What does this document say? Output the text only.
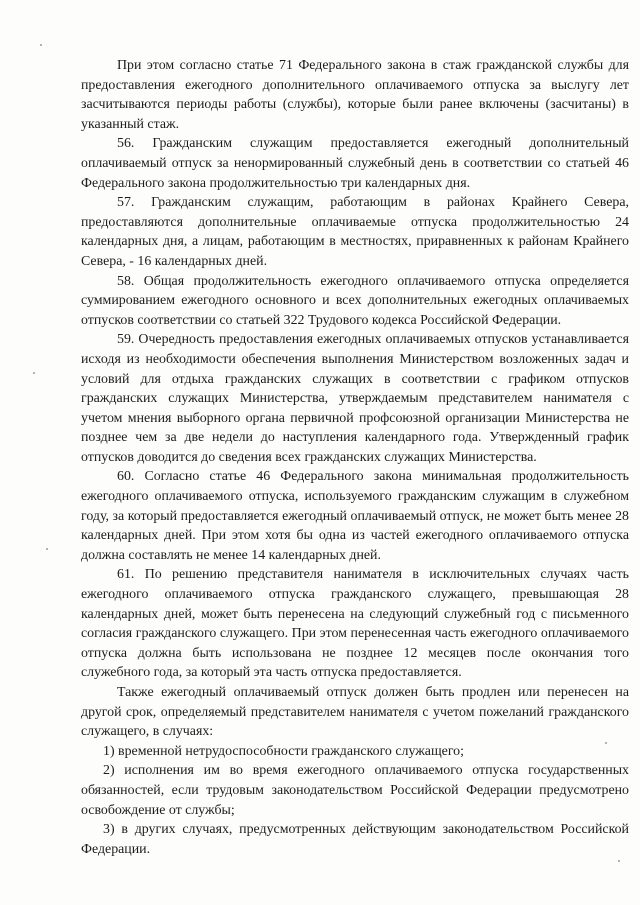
При этом согласно статье 71 Федерального закона в стаж гражданской службы для предоставления ежегодного дополнительного оплачиваемого отпуска за выслугу лет засчитываются периоды работы (службы), которые были ранее включены (засчитаны) в указанный стаж.

56. Гражданским служащим предоставляется ежегодный дополнительный оплачиваемый отпуск за ненормированный служебный день в соответствии со статьей 46 Федерального закона продолжительностью три календарных дня.

57. Гражданским служащим, работающим в районах Крайнего Севера, предоставляются дополнительные оплачиваемые отпуска продолжительностью 24 календарных дня, а лицам, работающим в местностях, приравненных к районам Крайнего Севера, - 16 календарных дней.

58. Общая продолжительность ежегодного оплачиваемого отпуска определяется суммированием ежегодного основного и всех дополнительных ежегодных оплачиваемых отпусков соответствии со статьей 322 Трудового кодекса Российской Федерации.

59. Очередность предоставления ежегодных оплачиваемых отпусков устанавливается исходя из необходимости обеспечения выполнения Министерством возложенных задач и условий для отдыха гражданских служащих в соответствии с графиком отпусков гражданских служащих Министерства, утверждаемым представителем нанимателя с учетом мнения выборного органа первичной профсоюзной организации Министерства не позднее чем за две недели до наступления календарного года. Утвержденный график отпусков доводится до сведения всех гражданских служащих Министерства.

60. Согласно статье 46 Федерального закона минимальная продолжительность ежегодного оплачиваемого отпуска, используемого гражданским служащим в служебном году, за который предоставляется ежегодный оплачиваемый отпуск, не может быть менее 28 календарных дней. При этом хотя бы одна из частей ежегодного оплачиваемого отпуска должна составлять не менее 14 календарных дней.

61. По решению представителя нанимателя в исключительных случаях часть ежегодного оплачиваемого отпуска гражданского служащего, превышающая 28 календарных дней, может быть перенесена на следующий служебный год с письменного согласия гражданского служащего. При этом перенесенная часть ежегодного оплачиваемого отпуска должна быть использована не позднее 12 месяцев после окончания того служебного года, за который эта часть отпуска предоставляется.

Также ежегодный оплачиваемый отпуск должен быть продлен или перенесен на другой срок, определяемый представителем нанимателя с учетом пожеланий гражданского служащего, в случаях:

1) временной нетрудоспособности гражданского служащего;

2) исполнения им во время ежегодного оплачиваемого отпуска государственных обязанностей, если трудовым законодательством Российской Федерации предусмотрено освобождение от службы;

3) в других случаях, предусмотренных действующим законодательством Российской Федерации.
